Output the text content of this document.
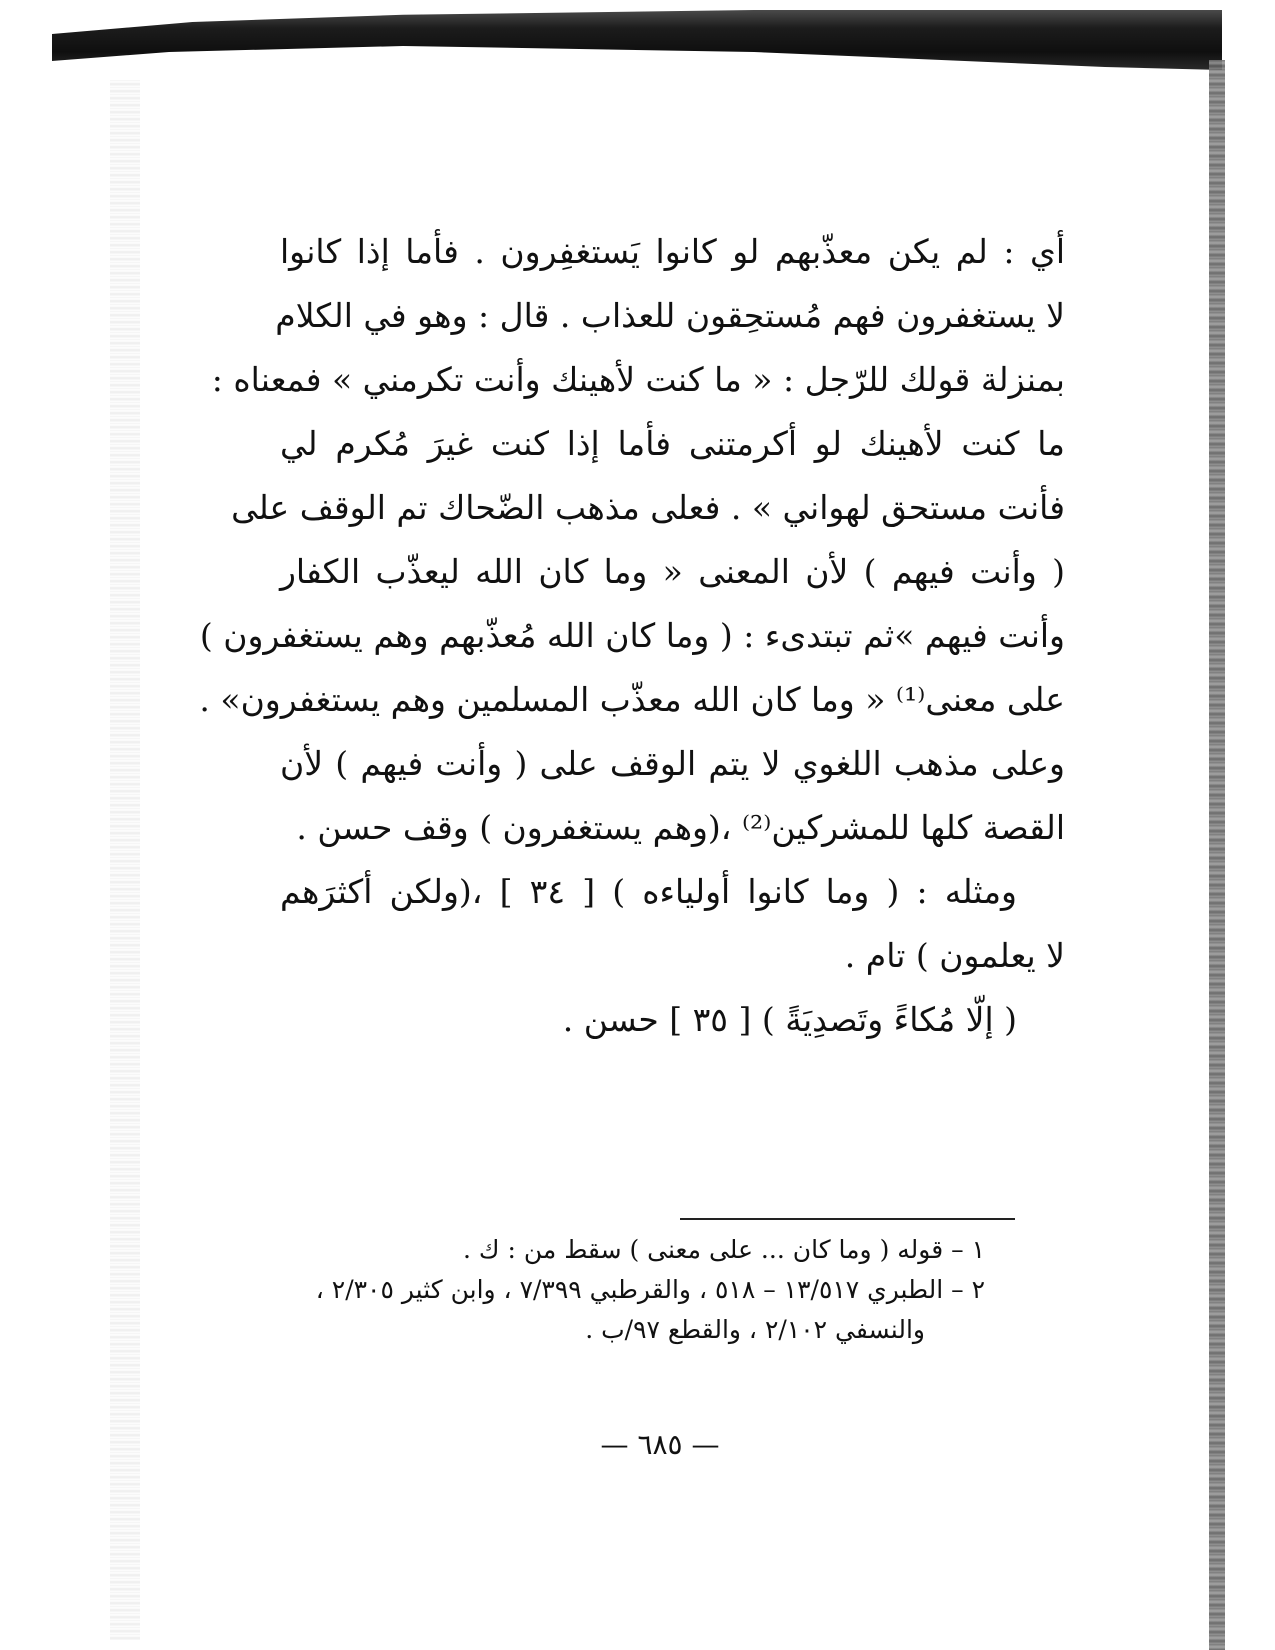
أي : لم يكن معذّبهم لو كانوا يَستغفِرون . فأما إذا كانوا
لا يستغفرون فهم مُستحِقون للعذاب . قال : وهو في الكلام
بمنزلة قولك للرّجل : « ما كنت لأهينك وأنت تكرمني » فمعناه :
ما كنت لأهينك لو أكرمتنى فأما إذا كنت غيرَ مُكرم لي
فأنت مستحق لهواني » . فعلى مذهب الضّحاك تم الوقف على
( وأنت فيهم ) لأن المعنى « وما كان الله ليعذّب الكفار
وأنت فيهم »ثم تبتدىء : ( وما كان الله مُعذّبهم وهم يستغفرون )
على معنى⁽¹⁾ « وما كان الله معذّب المسلمين وهم يستغفرون» .
وعلى مذهب اللغوي لا يتم الوقف على ( وأنت فيهم ) لأن
القصة كلها للمشركين⁽²⁾ ،(وهم يستغفرون ) وقف حسن .
ومثله : ( وما كانوا أولياءه ) [ ٣٤ ] ،(ولكن أكثرَهم
لا يعلمون ) تام .
( إلّا مُكاءً وتَصدِيَةً ) [ ٣٥ ] حسن .
١ – قوله ( وما كان ... على معنى ) سقط من : ك .
٢ – الطبري ١٣/٥١٧ – ٥١٨ ، والقرطبي ٧/٣٩٩ ، وابن كثير ٢/٣٠٥ ،
والنسفي ٢/١٠٢ ، والقطع ٩٧/ب .
— ٦٨٥ —
